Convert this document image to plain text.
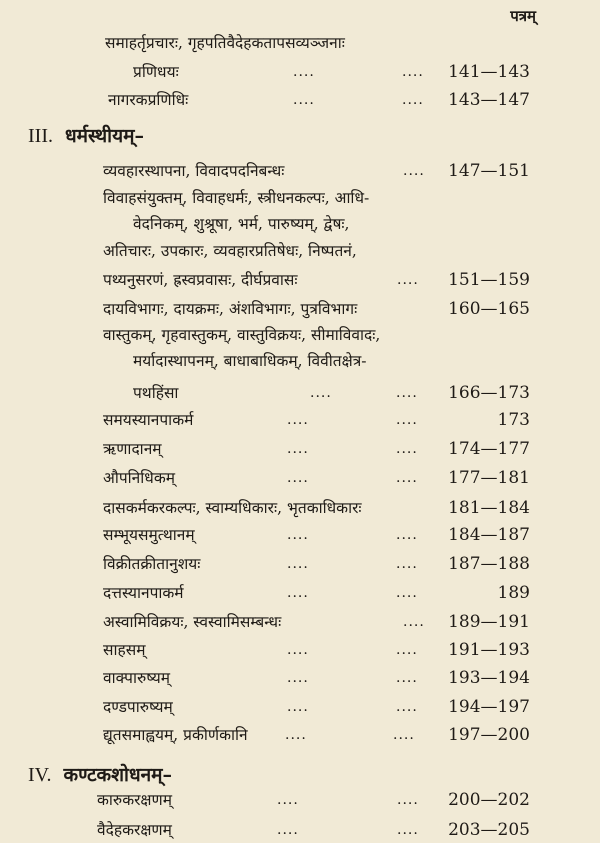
पत्रम्
III. धर्मस्थीयम्–
IV. कण्टकशोधनम्–
समाहर्तृप्रचारः, गृहपतिवैदेहकतापसव्यञ्जनाः
प्रणिधयः	....	.... 141—143
नागरकप्रणिधिः	....	.... 143—147
व्यवहारस्थापना, विवादपदनिबन्धः	.... 147—151
विवाहसंयुक्तम्, विवाहधर्मः, स्त्रीधनकल्पः, आधि-
वेदनिकम्, शुश्रूषा, भर्म, पारुष्यम्, द्वेषः,
अतिचारः, उपकारः, व्यवहारप्रतिषेधः, निष्पतनं,
पथ्यनुसरणं, ह्रस्वप्रवासः, दीर्घप्रवासः	.... 151—159
दायविभागः, दायक्रमः, अंशविभागः, पुत्रविभागः	160—165
वास्तुकम्, गृहवास्तुकम्, वास्तुविक्रयः, सीमाविवादः,
मर्यादास्थापनम्, बाधाबाधिकम्, विवीतक्षेत्र-
पथहिंसा	....	.... 166—173
समयस्यानपाकर्म	....	....	173
ऋणादानम्	....	.... 174—177
औपनिधिकम्	....	.... 177—181
दासकर्मकरकल्पः, स्वाम्यधिकारः, भृतकाधिकारः	181—184
सम्भूयसमुत्थानम्	....	.... 184—187
विक्रीतक्रीतानुशयः	....	.... 187—188
दत्तस्यानपाकर्म	....	....	189
अस्वामिविक्रयः, स्वस्वामिसम्बन्धः	.... 189—191
साहसम्	....	.... 191—193
वाक्पारुष्यम्	....	.... 193—194
दण्डपारुष्यम्	....	.... 194—197
द्यूतसमाह्वयम्, प्रकीर्णकानि	....	.... 197—200
कारुकरक्षणम्	....	.... 200—202
वैदेहकरक्षणम्	....	.... 203—205
